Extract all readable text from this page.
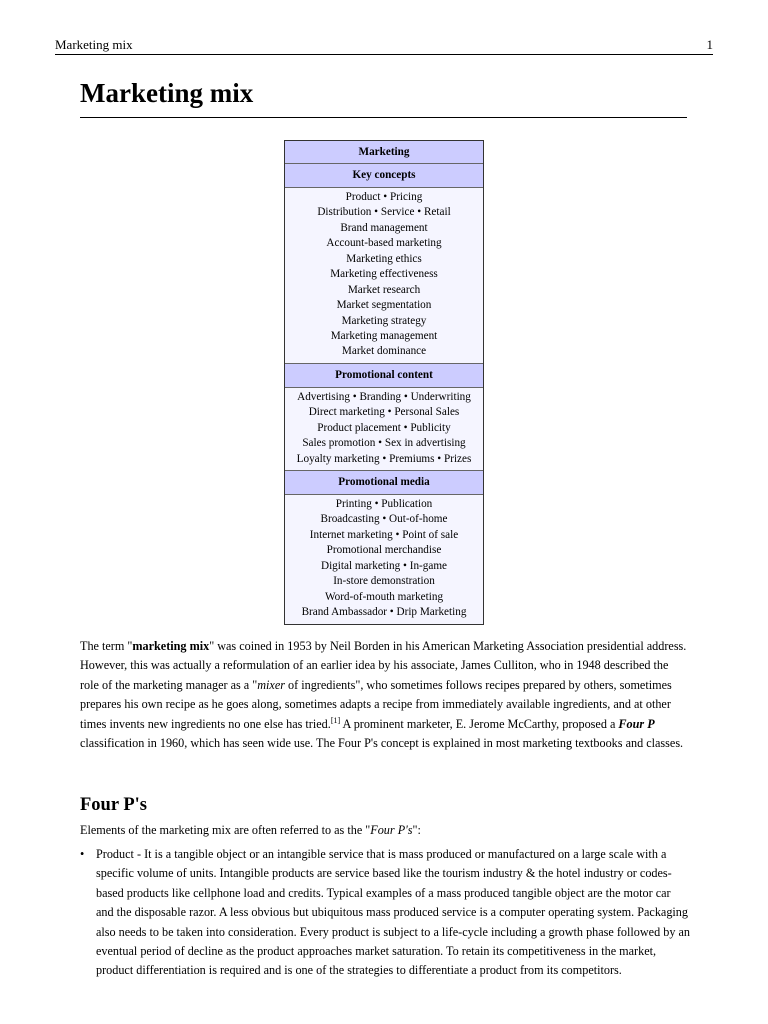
Marketing mix	1
Marketing mix
Marketing
Key concepts
Product • Pricing
Distribution • Service • Retail
Brand management
Account-based marketing
Marketing ethics
Marketing effectiveness
Market research
Market segmentation
Marketing strategy
Marketing management
Market dominance
Promotional content
Advertising • Branding • Underwriting
Direct marketing • Personal Sales
Product placement • Publicity
Sales promotion • Sex in advertising
Loyalty marketing • Premiums • Prizes
Promotional media
Printing • Publication
Broadcasting • Out-of-home
Internet marketing • Point of sale
Promotional merchandise
Digital marketing • In-game
In-store demonstration
Word-of-mouth marketing
Brand Ambassador • Drip Marketing

The term "marketing mix" was coined in 1953 by Neil Borden in his American Marketing Association presidential address. However, this was actually a reformulation of an earlier idea by his associate, James Culliton, who in 1948 described the role of the marketing manager as a "mixer of ingredients", who sometimes follows recipes prepared by others, sometimes prepares his own recipe as he goes along, sometimes adapts a recipe from immediately available ingredients, and at other times invents new ingredients no one else has tried.[1] A prominent marketer, E. Jerome McCarthy, proposed a Four P classification in 1960, which has seen wide use. The Four P's concept is explained in most marketing textbooks and classes.

Four P's

Elements of the marketing mix are often referred to as the "Four P's":

• Product - It is a tangible object or an intangible service that is mass produced or manufactured on a large scale with a specific volume of units. Intangible products are service based like the tourism industry & the hotel industry or codes-based products like cellphone load and credits. Typical examples of a mass produced tangible object are the motor car and the disposable razor. A less obvious but ubiquitous mass produced service is a computer operating system. Packaging also needs to be taken into consideration. Every product is subject to a life-cycle including a growth phase followed by an eventual period of decline as the product approaches market saturation. To retain its competitiveness in the market, product differentiation is required and is one of the strategies to differentiate a product from its competitors.
